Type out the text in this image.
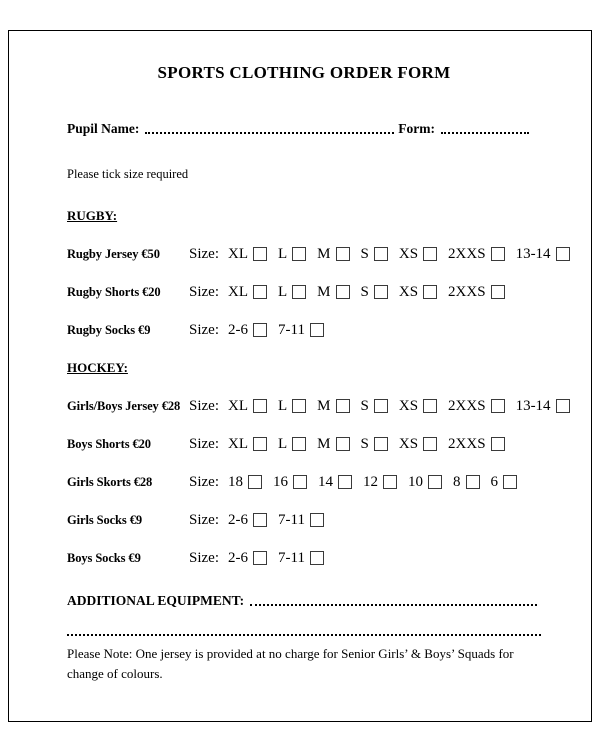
SPORTS CLOTHING ORDER FORM
Pupil Name:	Form:

Please tick size required

RUGBY:
Rugby Jersey €50	Size: XL L M S XS 2XXS 13-14
Rugby Shorts €20	Size: XL L M S XS 2XXS
Rugby Socks €9	Size: 2-6 7-11
HOCKEY:
Girls/Boys Jersey €28 Size: XL L M S XS 2XXS 13-14
Boys Shorts €20	Size: XL L M S XS 2XXS
Girls Skorts €28	Size: 18 16 14 12 10 8 6
Girls Socks €9	Size: 2-6 7-11
Boys Socks €9	Size: 2-6 7-11
ADDITIONAL EQUIPMENT:

Please Note: One jersey is provided at no charge for Senior Girls’ & Boys’ Squads for change of colours.
